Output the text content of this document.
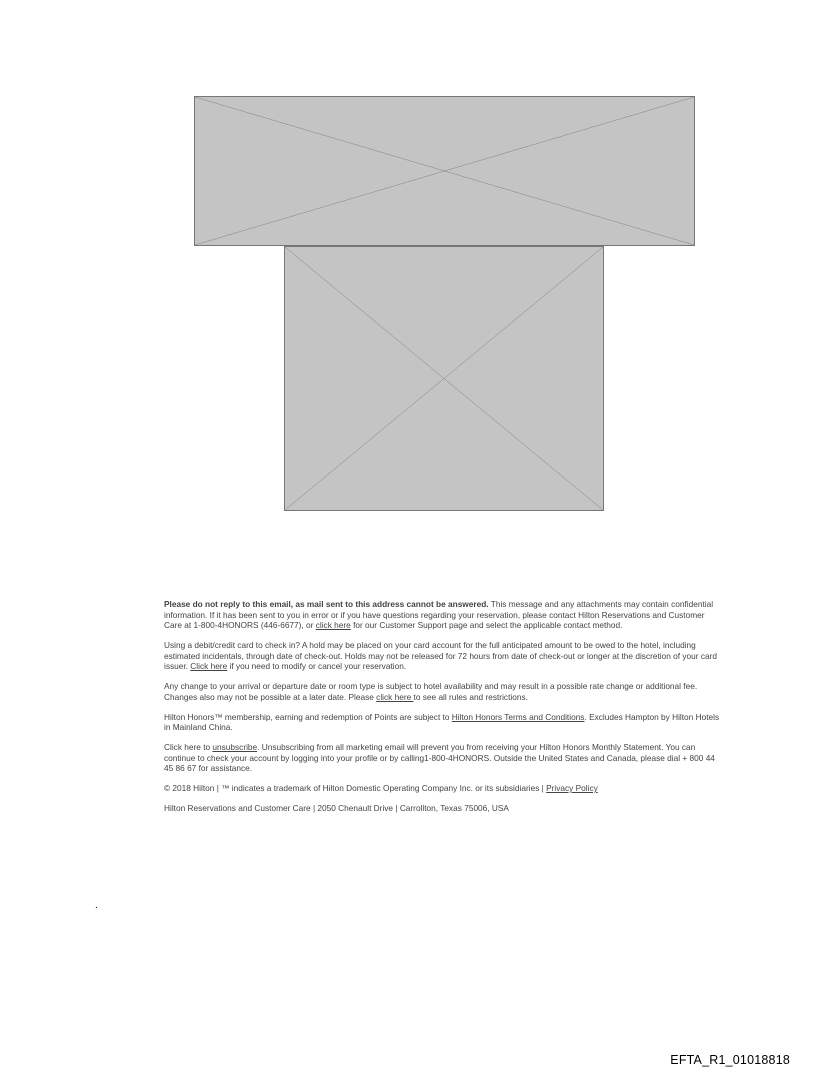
Please do not reply to this email, as mail sent to this address cannot be answered. This message and any attachments may contain confidential information. If it has been sent to you in error or if you have questions regarding your reservation, please contact Hilton Reservations and Customer Care at 1-800-4HONORS (446-6677), or click here for our Customer Support page and select the applicable contact method.

Using a debit/credit card to check in? A hold may be placed on your card account for the full anticipated amount to be owed to the hotel, including estimated incidentals, through date of check-out. Holds may not be released for 72 hours from date of check-out or longer at the discretion of your card issuer. Click here if you need to modify or cancel your reservation.

Any change to your arrival or departure date or room type is subject to hotel availability and may result in a possible rate change or additional fee. Changes also may not be possible at a later date. Please click here to see all rules and restrictions.

Hilton Honors™ membership, earning and redemption of Points are subject to Hilton Honors Terms and Conditions. Excludes Hampton by Hilton Hotels in Mainland China.

Click here to unsubscribe. Unsubscribing from all marketing email will prevent you from receiving your Hilton Honors Monthly Statement. You can continue to check your account by logging into your profile or by calling1-800-4HONORS. Outside the United States and Canada, please dial + 800 44 45 86 67 for assistance.

© 2018 Hilton | ™ indicates a trademark of Hilton Domestic Operating Company Inc. or its subsidiaries | Privacy Policy

Hilton Reservations and Customer Care | 2050 Chenault Drive | Carrollton, Texas 75006, USA

.
EFTA_R1_01018818
